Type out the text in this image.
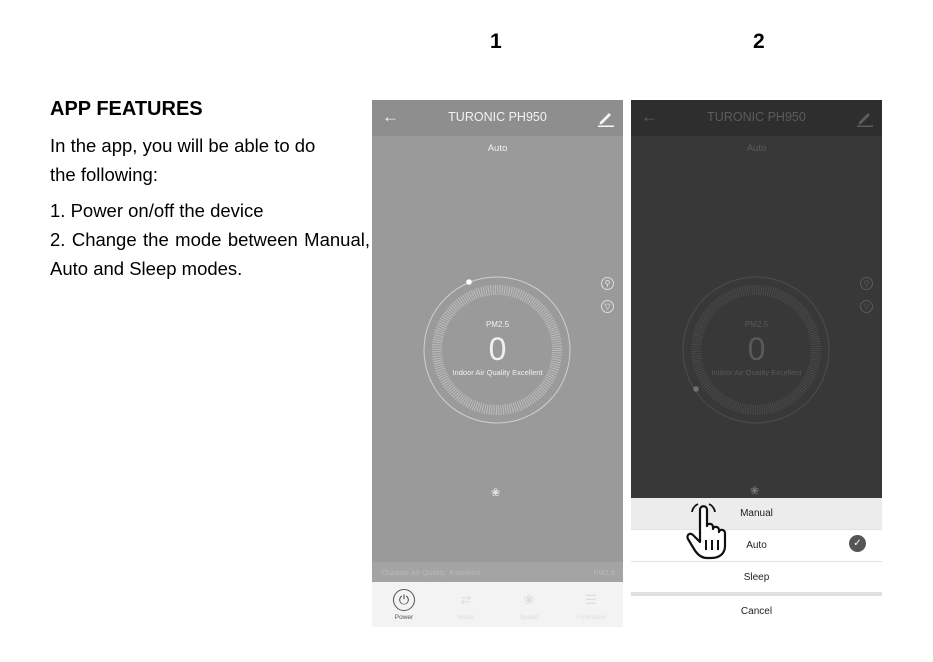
1	2
APP FEATURES

In the app, you will be able to do

the following:

1. Power on/off the device

2. Change the mode between Manual, Auto and Sleep modes.

←	TURONIC PH950
Auto
PM2.5
0
Indoor Air Quality Excellent
⚲
▽
❀
Outdoor Air Quality: Excellent	PM2.5
⏻
Power
⇄
Mode
❀
Speed
☰
Functions
←	TURONIC PH950
Auto
PM2.5
0
Indoor Air Quality Excellent
⚲
▽
❀
Manual
Auto	✓
Sleep
Cancel
